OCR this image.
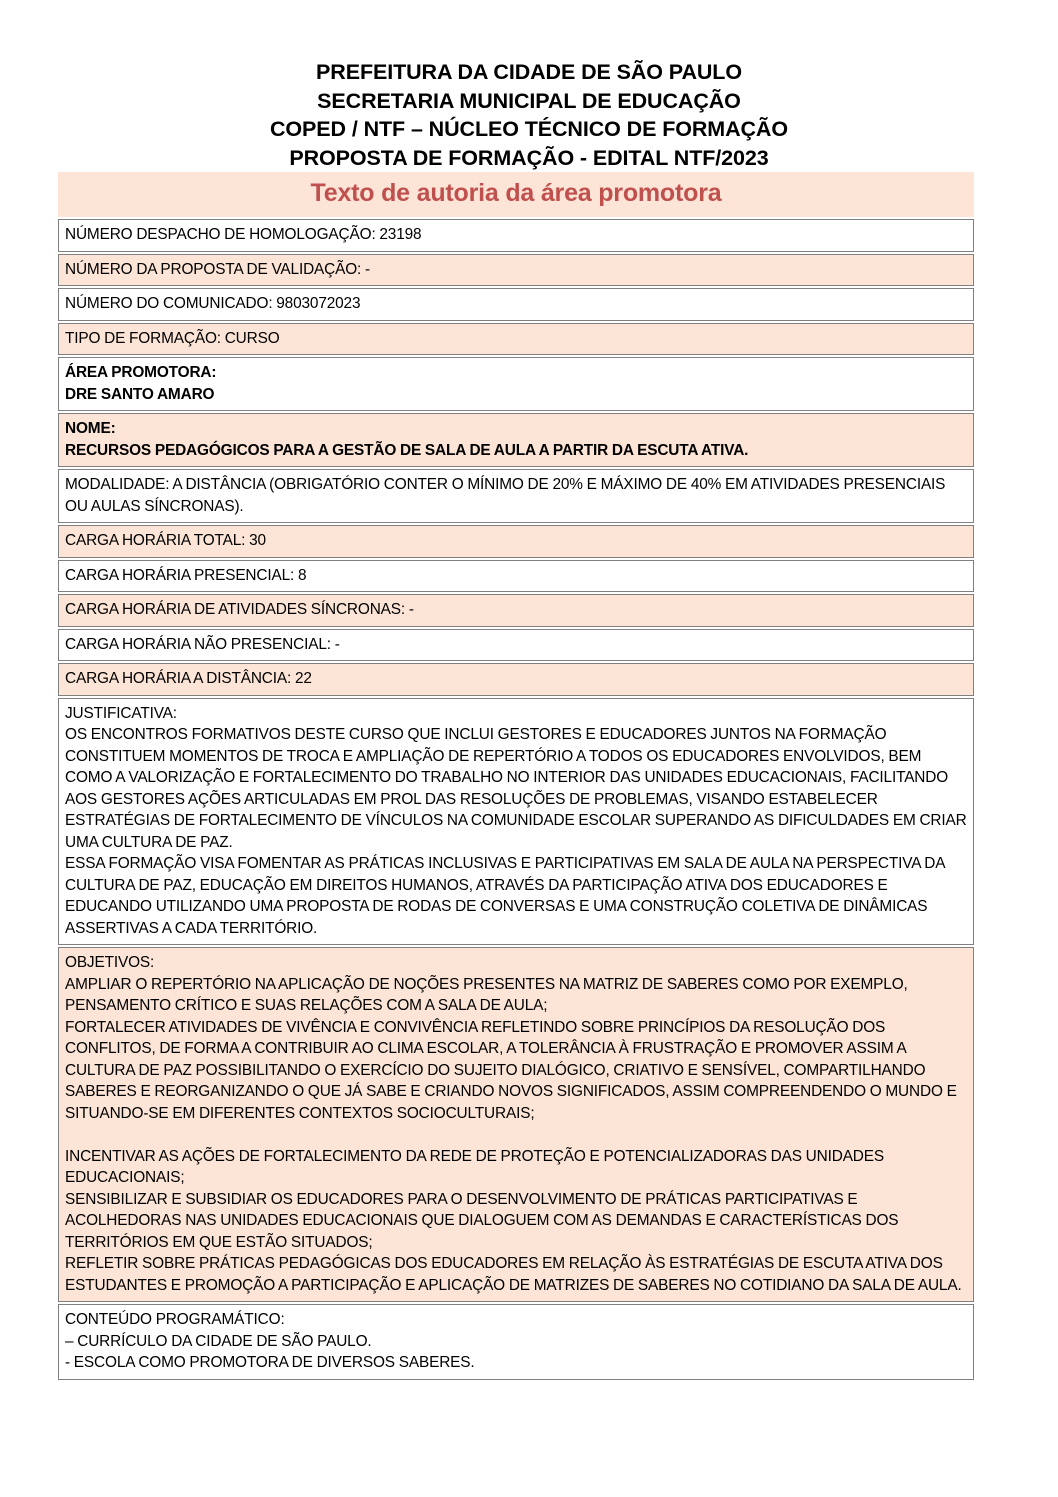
PREFEITURA DA CIDADE DE SÃO PAULO
SECRETARIA MUNICIPAL DE EDUCAÇÃO
COPED / NTF – NÚCLEO TÉCNICO DE FORMAÇÃO
PROPOSTA DE FORMAÇÃO - EDITAL NTF/2023
Texto de autoria da área promotora

NÚMERO DESPACHO DE HOMOLOGAÇÃO: 23198

NÚMERO DA PROPOSTA DE VALIDAÇÃO: -

NÚMERO DO COMUNICADO: 9803072023

TIPO DE FORMAÇÃO: CURSO

ÁREA PROMOTORA:

DRE SANTO AMARO

NOME:

RECURSOS PEDAGÓGICOS PARA A GESTÃO DE SALA DE AULA A PARTIR DA ESCUTA ATIVA.

MODALIDADE: A DISTÂNCIA (OBRIGATÓRIO CONTER O MÍNIMO DE 20% E MÁXIMO DE 40% EM ATIVIDADES PRESENCIAIS OU AULAS SÍNCRONAS).

CARGA HORÁRIA TOTAL: 30

CARGA HORÁRIA PRESENCIAL: 8

CARGA HORÁRIA DE ATIVIDADES SÍNCRONAS: -

CARGA HORÁRIA NÃO PRESENCIAL: -

CARGA HORÁRIA A DISTÂNCIA: 22

JUSTIFICATIVA:

OS ENCONTROS FORMATIVOS DESTE CURSO QUE INCLUI GESTORES E EDUCADORES JUNTOS NA FORMAÇÃO CONSTITUEM MOMENTOS DE TROCA E AMPLIAÇÃO DE REPERTÓRIO A TODOS OS EDUCADORES ENVOLVIDOS, BEM COMO A VALORIZAÇÃO E FORTALECIMENTO DO TRABALHO NO INTERIOR DAS UNIDADES EDUCACIONAIS, FACILITANDO AOS GESTORES AÇÕES ARTICULADAS EM PROL DAS RESOLUÇÕES DE PROBLEMAS, VISANDO ESTABELECER ESTRATÉGIAS DE FORTALECIMENTO DE VÍNCULOS NA COMUNIDADE ESCOLAR SUPERANDO AS DIFICULDADES EM CRIAR UMA CULTURA DE PAZ.

ESSA FORMAÇÃO VISA FOMENTAR AS PRÁTICAS INCLUSIVAS E PARTICIPATIVAS EM SALA DE AULA NA PERSPECTIVA DA CULTURA DE PAZ, EDUCAÇÃO EM DIREITOS HUMANOS, ATRAVÉS DA PARTICIPAÇÃO ATIVA DOS EDUCADORES E EDUCANDO UTILIZANDO UMA PROPOSTA DE RODAS DE CONVERSAS E UMA CONSTRUÇÃO COLETIVA DE DINÂMICAS ASSERTIVAS A CADA TERRITÓRIO.

OBJETIVOS:

AMPLIAR O REPERTÓRIO NA APLICAÇÃO DE NOÇÕES PRESENTES NA MATRIZ DE SABERES COMO POR EXEMPLO, PENSAMENTO CRÍTICO E SUAS RELAÇÕES COM A SALA DE AULA;

FORTALECER ATIVIDADES DE VIVÊNCIA E CONVIVÊNCIA REFLETINDO SOBRE PRINCÍPIOS DA RESOLUÇÃO DOS CONFLITOS, DE FORMA A CONTRIBUIR AO CLIMA ESCOLAR, A TOLERÂNCIA À FRUSTRAÇÃO E PROMOVER ASSIM A CULTURA DE PAZ POSSIBILITANDO O EXERCÍCIO DO SUJEITO DIALÓGICO, CRIATIVO E SENSÍVEL, COMPARTILHANDO SABERES E REORGANIZANDO O QUE JÁ SABE E CRIANDO NOVOS SIGNIFICADOS, ASSIM COMPREENDENDO O MUNDO E SITUANDO-SE EM DIFERENTES CONTEXTOS SOCIOCULTURAIS;

INCENTIVAR AS AÇÕES DE FORTALECIMENTO DA REDE DE PROTEÇÃO E POTENCIALIZADORAS DAS UNIDADES EDUCACIONAIS;

SENSIBILIZAR E SUBSIDIAR OS EDUCADORES PARA O DESENVOLVIMENTO DE PRÁTICAS PARTICIPATIVAS E ACOLHEDORAS NAS UNIDADES EDUCACIONAIS QUE DIALOGUEM COM AS DEMANDAS E CARACTERÍSTICAS DOS TERRITÓRIOS EM QUE ESTÃO SITUADOS;

REFLETIR SOBRE PRÁTICAS PEDAGÓGICAS DOS EDUCADORES EM RELAÇÃO ÀS ESTRATÉGIAS DE ESCUTA ATIVA DOS ESTUDANTES E PROMOÇÃO A PARTICIPAÇÃO E APLICAÇÃO DE MATRIZES DE SABERES NO COTIDIANO DA SALA DE AULA.

CONTEÚDO PROGRAMÁTICO:

– CURRÍCULO DA CIDADE DE SÃO PAULO.

- ESCOLA COMO PROMOTORA DE DIVERSOS SABERES.
